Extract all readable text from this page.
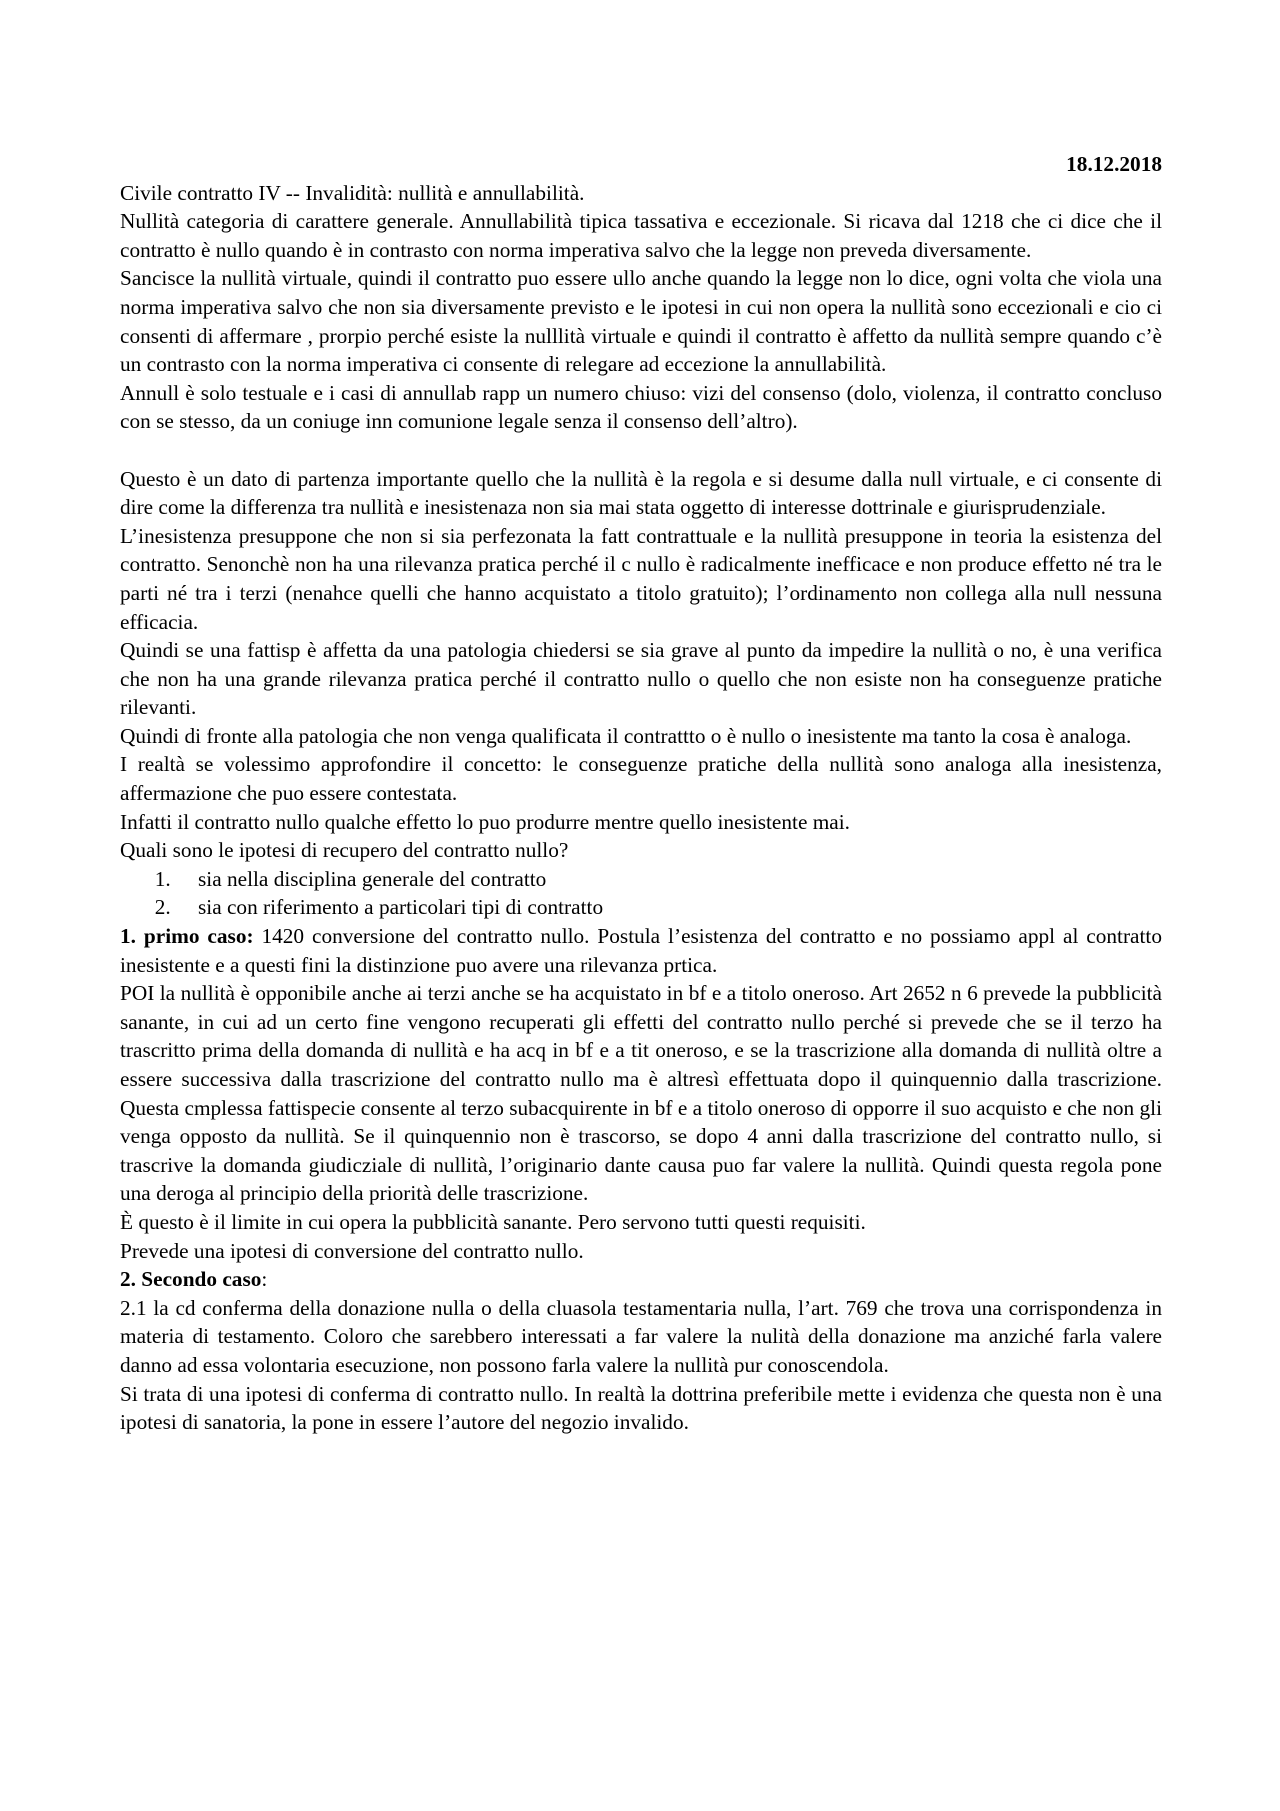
18.12.2018

Civile contratto IV -- Invalidità: nullità e annullabilità.

Nullità categoria di carattere generale. Annullabilità tipica tassativa e eccezionale. Si ricava dal 1218 che ci dice che il contratto è nullo quando è in contrasto con norma imperativa salvo che la legge non preveda diversamente.

Sancisce la nullità virtuale, quindi il contratto puo essere ullo anche quando la legge non lo dice, ogni volta che viola una norma imperativa salvo che non sia diversamente previsto e le ipotesi in cui non opera la nullità sono eccezionali e cio ci consenti di affermare , prorpio perché esiste la nulllità virtuale e quindi il contratto è affetto da nullità sempre quando c’è un contrasto con la norma imperativa ci consente di relegare ad eccezione la annullabilità.

Annull è solo testuale e i casi di annullab rapp un numero chiuso: vizi del consenso (dolo, violenza, il contratto concluso con se stesso, da un coniuge inn comunione legale senza il consenso dell’altro).

Questo è un dato di partenza importante quello che la nullità è la regola e si desume dalla null virtuale, e ci consente di dire come la differenza tra nullità e inesistenaza non sia mai stata oggetto di interesse dottrinale e giurisprudenziale.

L’inesistenza presuppone che non si sia perfezonata la fatt contrattuale e la nullità presuppone in teoria la esistenza del contratto. Senonchè non ha una rilevanza pratica perché il c nullo è radicalmente inefficace e non produce effetto né tra le parti né tra i terzi (nenahce quelli che hanno acquistato a titolo gratuito); l’ordinamento non collega alla null nessuna efficacia.

Quindi se una fattisp è affetta da una patologia chiedersi se sia grave al punto da impedire la nullità o no, è una verifica che non ha una grande rilevanza pratica perché il contratto nullo o quello che non esiste non ha conseguenze pratiche rilevanti.

Quindi di fronte alla patologia che non venga qualificata il contrattto o è nullo o inesistente ma tanto la cosa è analoga.

I realtà se volessimo approfondire il concetto: le conseguenze pratiche della nullità sono analoga alla inesistenza, affermazione che puo essere contestata.

Infatti il contratto nullo qualche effetto lo puo produrre mentre quello inesistente mai.

Quali sono le ipotesi di recupero del contratto nullo?

1. sia nella disciplina generale del contratto
2. sia con riferimento a particolari tipi di contratto

1. primo caso: 1420 conversione del contratto nullo. Postula l’esistenza del contratto e no possiamo appl al contratto inesistente e a questi fini la distinzione puo avere una rilevanza prtica.

POI la nullità è opponibile anche ai terzi anche se ha acquistato in bf e a titolo oneroso. Art 2652 n 6 prevede la pubblicità sanante, in cui ad un certo fine vengono recuperati gli effetti del contratto nullo perché si prevede che se il terzo ha trascritto prima della domanda di nullità e ha acq in bf e a tit oneroso, e se la trascrizione alla domanda di nullità oltre a essere successiva dalla trascrizione del contratto nullo ma è altresì effettuata dopo il quinquennio dalla trascrizione. Questa cmplessa fattispecie consente al terzo subacquirente in bf e a titolo oneroso di opporre il suo acquisto e che non gli venga opposto da nullità. Se il quinquennio non è trascorso, se dopo 4 anni dalla trascrizione del contratto nullo, si trascrive la domanda giudicziale di nullità, l’originario dante causa puo far valere la nullità. Quindi questa regola pone una deroga al principio della priorità delle trascrizione.

È questo è il limite in cui opera la pubblicità sanante. Pero servono tutti questi requisiti.

Prevede una ipotesi di conversione del contratto nullo.

2. Secondo caso:

2.1 la cd conferma della donazione nulla o della cluasola testamentaria nulla, l’art. 769 che trova una corrispondenza in materia di testamento. Coloro che sarebbero interessati a far valere la nulità della donazione ma anziché farla valere danno ad essa volontaria esecuzione, non possono farla valere la nullità pur conoscendola.

Si trata di una ipotesi di conferma di contratto nullo. In realtà la dottrina preferibile mette i evidenza che questa non è una ipotesi di sanatoria, la pone in essere l’autore del negozio invalido.
